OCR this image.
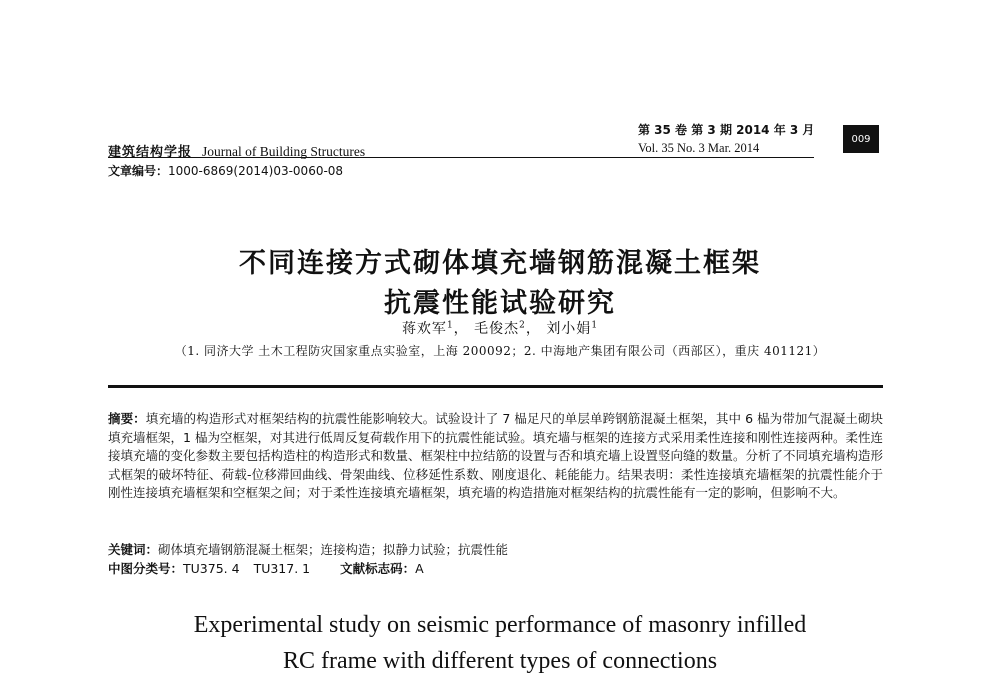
建筑结构学报 Journal of Building Structures
第 35 卷 第 3 期 2014 年 3 月
Vol. 35 No. 3 Mar. 2014
009
文章编号：1000-6869(2014)03-0060-08
不同连接方式砌体填充墙钢筋混凝土框架
抗震性能试验研究
蒋欢军$^1$， 毛俊杰$^2$， 刘小娟$^1$
（1. 同济大学 土木工程防灾国家重点实验室，上海 200092；2. 中海地产集团有限公司（西部区），重庆 401121）
摘要：填充墙的构造形式对框架结构的抗震性能影响较大。试验设计了 7 榀足尺的单层单跨钢筋混凝土框架，其中 6 榀为带加气混凝土砌块填充墙框架，1 榀为空框架，对其进行低周反复荷载作用下的抗震性能试验。填充墙与框架的连接方式采用柔性连接和刚性连接两种。柔性连接填充墙的变化参数主要包括构造柱的构造形式和数量、框架柱中拉结筋的设置与否和填充墙上设置竖向缝的数量。分析了不同填充墙构造形式框架的破坏特征、荷载-位移滞回曲线、骨架曲线、位移延性系数、刚度退化、耗能能力。结果表明：柔性连接填充墙框架的抗震性能介于刚性连接填充墙框架和空框架之间；对于柔性连接填充墙框架，填充墙的构造措施对框架结构的抗震性能有一定的影响，但影响不大。
关键词：砌体填充墙钢筋混凝土框架；连接构造；拟静力试验；抗震性能
中图分类号：TU375. 4 TU317. 1 文献标志码：A
Experimental study on seismic performance of masonry infilled
RC frame with different types of connections
